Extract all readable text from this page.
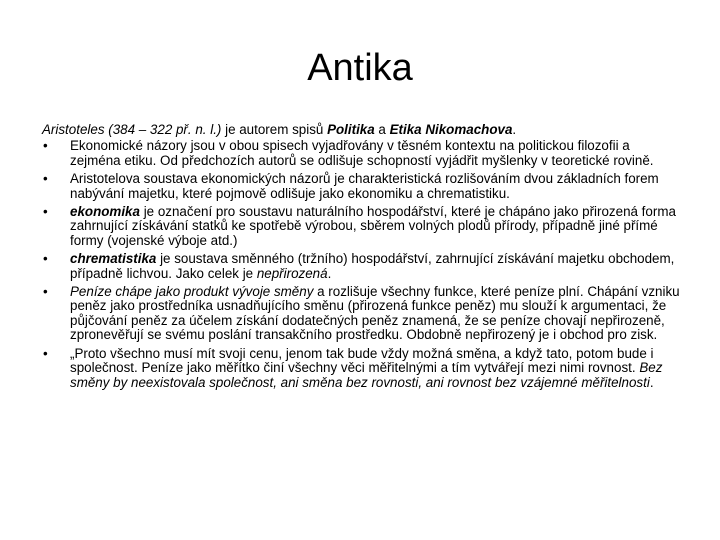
Antika

Aristoteles (384 – 322 př. n. l.) je autorem spisů Politika a Etika Nikomachova.

•	Ekonomické názory jsou v obou spisech vyjadřovány v těsném kontextu na politickou filozofii a zejména etiku. Od předchozích autorů se odlišuje schopností vyjádřit myšlenky v teoretické rovině.
•	Aristotelova soustava ekonomických názorů je charakteristická rozlišováním dvou základních forem nabývání majetku, které pojmově odlišuje jako ekonomiku a chrematistiku.
•	ekonomika je označení pro soustavu naturálního hospodářství, které je chápáno jako přirozená forma zahrnující získávání statků ke spotřebě výrobou, sběrem volných plodů přírody, případně jiné přímé formy (vojenské výboje atd.)
•	chrematistika je soustava směnného (tržního) hospodářství, zahrnující získávání majetku obchodem, případně lichvou. Jako celek je nepřirozená.
•	Peníze chápe jako produkt vývoje směny a rozlišuje všechny funkce, které peníze plní. Chápání vzniku peněz jako prostředníka usnadňujícího směnu (přirozená funkce peněz) mu slouží k argumentaci, že půjčování peněz za účelem získání dodatečných peněz znamená, že se peníze chovají nepřirozeně, zpronevěřují se svému poslání transakčního prostředku. Obdobně nepřirozený je i obchod pro zisk.
•	„Proto všechno musí mít svoji cenu, jenom tak bude vždy možná směna, a když tato, potom bude i společnost. Peníze jako měřítko činí všechny věci měřitelnými a tím vytvářejí mezi nimi rovnost. Bez směny by neexistovala společnost, ani směna bez rovnosti, ani rovnost bez vzájemné měřitelnosti.
